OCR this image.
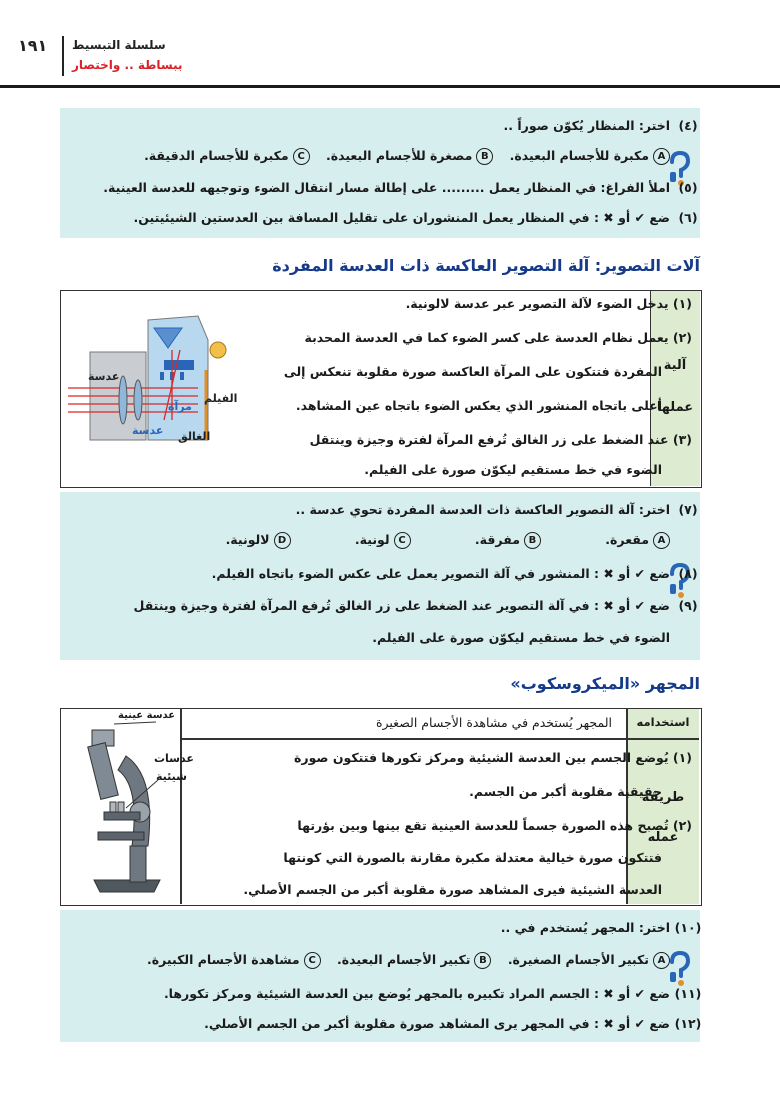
١٩١ سلسلة التبسيط
ببساطة .. واختصار
(٤)اختر: المنظار يُكوّن صوراً ..
Aمكبرة للأجسام البعيدة. Bمصغرة للأجسام البعيدة. Cمكبرة للأجسام الدقيقة.
(٥)املأ الفراغ: في المنظار يعمل ......... على إطالة مسار انتقال الضوء وتوجيهه للعدسة العينية.
(٦)ضع ✔ أو ✖ : في المنظار يعمل المنشوران على تقليل المسافة بين العدستين الشيئيتين.
آلات التصوير: آلة التصوير العاكسة ذات العدسة المفردة
آلية
عملها
(١) يدخل الضوء لآلة التصوير عبر عدسة لالونية.
(٢) يعمل نظام العدسة على كسر الضوء كما في العدسة المحدبة
المفردة فتتكون على المرآة العاكسة صورة مقلوبة تنعكس إلى
أعلى باتجاه المنشور الذي يعكس الضوء باتجاه عين المشاهد.
(٣) عند الضغط على زر الغالق تُرفع المرآة لفترة وجيزة وينتقل
الضوء في خط مستقيم ليكوّن صورة على الفيلم.
عدسة
مرآة
الفيلم
الغالق
عدسة
(٧)اختر: آلة التصوير العاكسة ذات العدسة المفردة تحوي عدسة ..
Aمقعرة. Bمفرقة. Cلونية. Dلالونية.
(٨)ضع ✔ أو ✖ : المنشور في آلة التصوير يعمل على عكس الضوء باتجاه الفيلم.
(٩)ضع ✔ أو ✖ : في آلة التصوير عند الضغط على زر الغالق تُرفع المرآة لفترة وجيزة وينتقل
الضوء في خط مستقيم ليكوّن صورة على الفيلم.
المجهر «الميكروسكوب»
استخدامه
المجهر يُستخدم في مشاهدة الأجسام الصغيرة
طريقة
عمله
(١) يُوضع الجسم بين العدسة الشيئية ومركز تكورها فتتكون صورة
حقيقية مقلوبة أكبر من الجسم.
(٢) تُصبح هذه الصورة جسماً للعدسة العينية تقع بينها وبين بؤرتها
فتتكون صورة خيالية معتدلة مكبرة مقارنة بالصورة التي كونتها
العدسة الشيئية فيرى المشاهد صورة مقلوبة أكبر من الجسم الأصلي.
عدسة عينية
عدسات
شيئية
(١٠)اختر: المجهر يُستخدم في ..
Aتكبير الأجسام الصغيرة. Bتكبير الأجسام البعيدة. Cمشاهدة الأجسام الكبيرة.
(١١)ضع ✔ أو ✖ : الجسم المراد تكبيره بالمجهر يُوضع بين العدسة الشيئية ومركز تكورها.
(١٢)ضع ✔ أو ✖ : في المجهر يرى المشاهد صورة مقلوبة أكبر من الجسم الأصلي.
